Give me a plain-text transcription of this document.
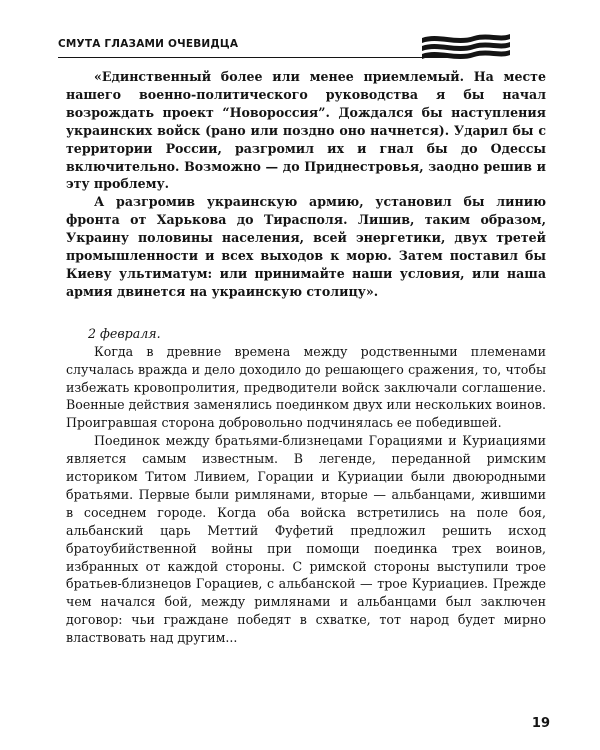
СМУТА ГЛАЗАМИ ОЧЕВИДЦА

«Единственный более или менее приемлемый. На месте нашего военно-политического руководства я бы начал возрождать проект “Новороссия”. Дождался бы наступления украинских войск (рано или поздно оно начнется). Ударил бы с территории России, разгромил их и гнал бы до Одессы включительно. Возможно — до Приднестровья, заодно решив и эту проблему.

А разгромив украинскую армию, установил бы линию фронта от Харькова до Тирасполя. Лишив, таким образом, Украину половины населения, всей энергетики, двух третей промышленности и всех выходов к морю. Затем поставил бы Киеву ультиматум: или принимайте наши условия, или наша армия двинется на украинскую столицу».

2 февраля.

Когда в древние времена между родственными племенами случалась вражда и дело доходило до решающего сражения, то, чтобы избежать кровопролития, предводители войск заключали соглашение. Военные действия заменялись поединком двух или нескольких воинов. Проигравшая сторона добровольно подчинялась ее победившей.

Поединок между братьями-близнецами Горациями и Куриациями является самым известным. В легенде, переданной римским историком Титом Ливием, Горации и Куриации были двоюродными братьями. Первые были римлянами, вторые — альбанцами, жившими в соседнем городе. Когда оба войска встретились на поле боя, альбанский царь Меттий Фуфетий предложил решить исход братоубийственной войны при помощи поединка трех воинов, избранных от каждой стороны. С римской стороны выступили трое братьев-близнецов Горациев, с альбанской — трое Куриациев. Прежде чем начался бой, между римлянами и альбанцами был заключен договор: чьи граждане победят в схватке, тот народ будет мирно властвовать над другим...

19
